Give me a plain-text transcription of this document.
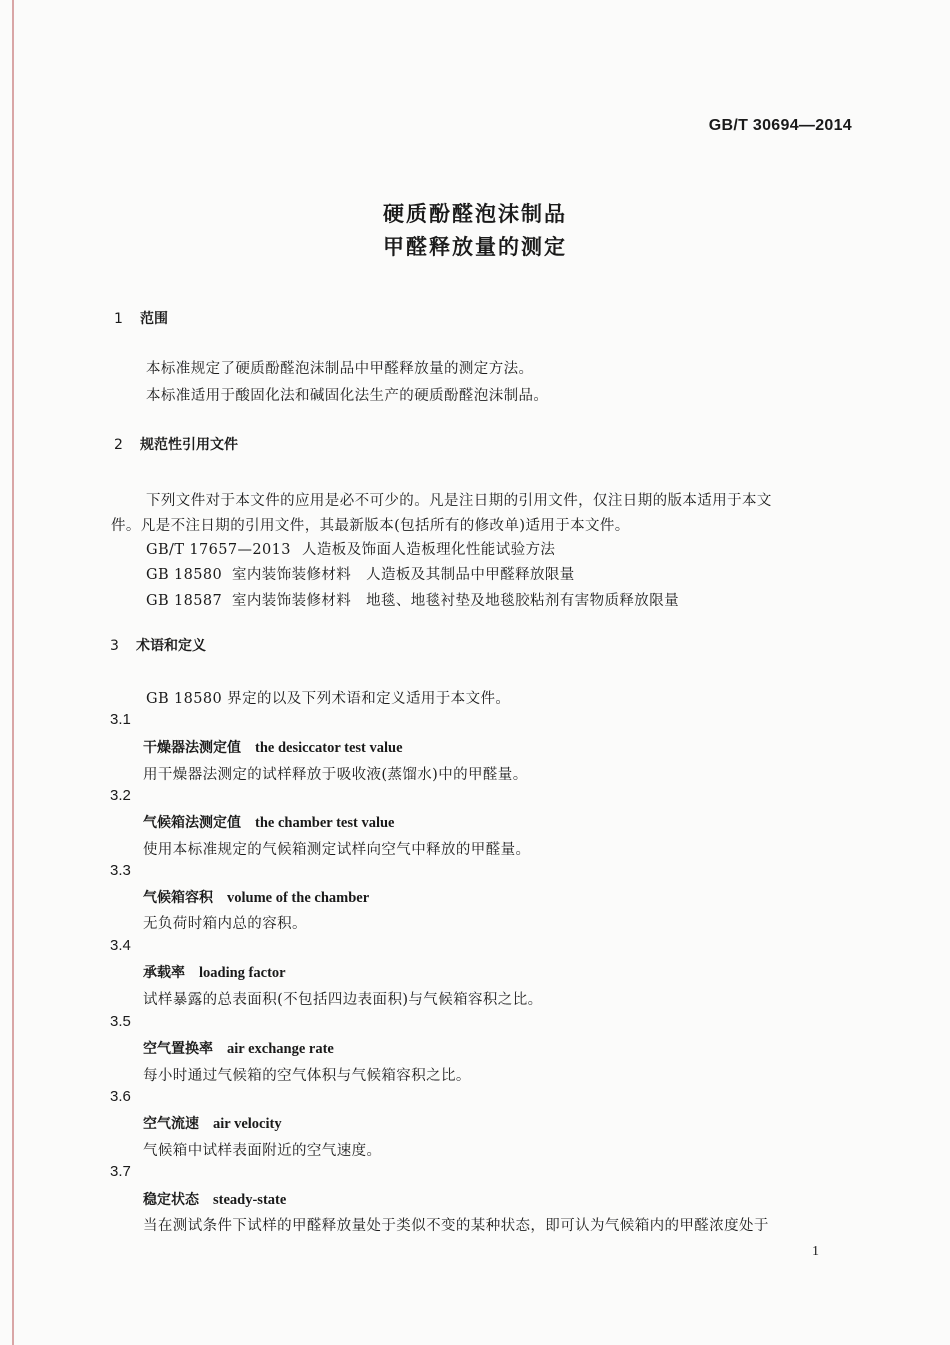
GB/T 30694—2014
硬质酚醛泡沫制品
甲醛释放量的测定
1 范围
本标准规定了硬质酚醛泡沫制品中甲醛释放量的测定方法。
本标准适用于酸固化法和碱固化法生产的硬质酚醛泡沫制品。
2 规范性引用文件
下列文件对于本文件的应用是必不可少的。凡是注日期的引用文件，仅注日期的版本适用于本文
件。凡是不注日期的引用文件，其最新版本(包括所有的修改单)适用于本文件。
GB/T 17657—2013 人造板及饰面人造板理化性能试验方法
GB 18580 室内装饰装修材料　人造板及其制品中甲醛释放限量
GB 18587 室内装饰装修材料　地毯、地毯衬垫及地毯胶粘剂有害物质释放限量
3 术语和定义
GB 18580 界定的以及下列术语和定义适用于本文件。
3.1
干燥器法测定值 the desiccator test value
用干燥器法测定的试样释放于吸收液(蒸馏水)中的甲醛量。
3.2
气候箱法测定值 the chamber test value
使用本标准规定的气候箱测定试样向空气中释放的甲醛量。
3.3
气候箱容积 volume of the chamber
无负荷时箱内总的容积。
3.4
承载率 loading factor
试样暴露的总表面积(不包括四边表面积)与气候箱容积之比。
3.5
空气置换率 air exchange rate
每小时通过气候箱的空气体积与气候箱容积之比。
3.6
空气流速 air velocity
气候箱中试样表面附近的空气速度。
3.7
稳定状态 steady-state
当在测试条件下试样的甲醛释放量处于类似不变的某种状态，即可认为气候箱内的甲醛浓度处于
1
